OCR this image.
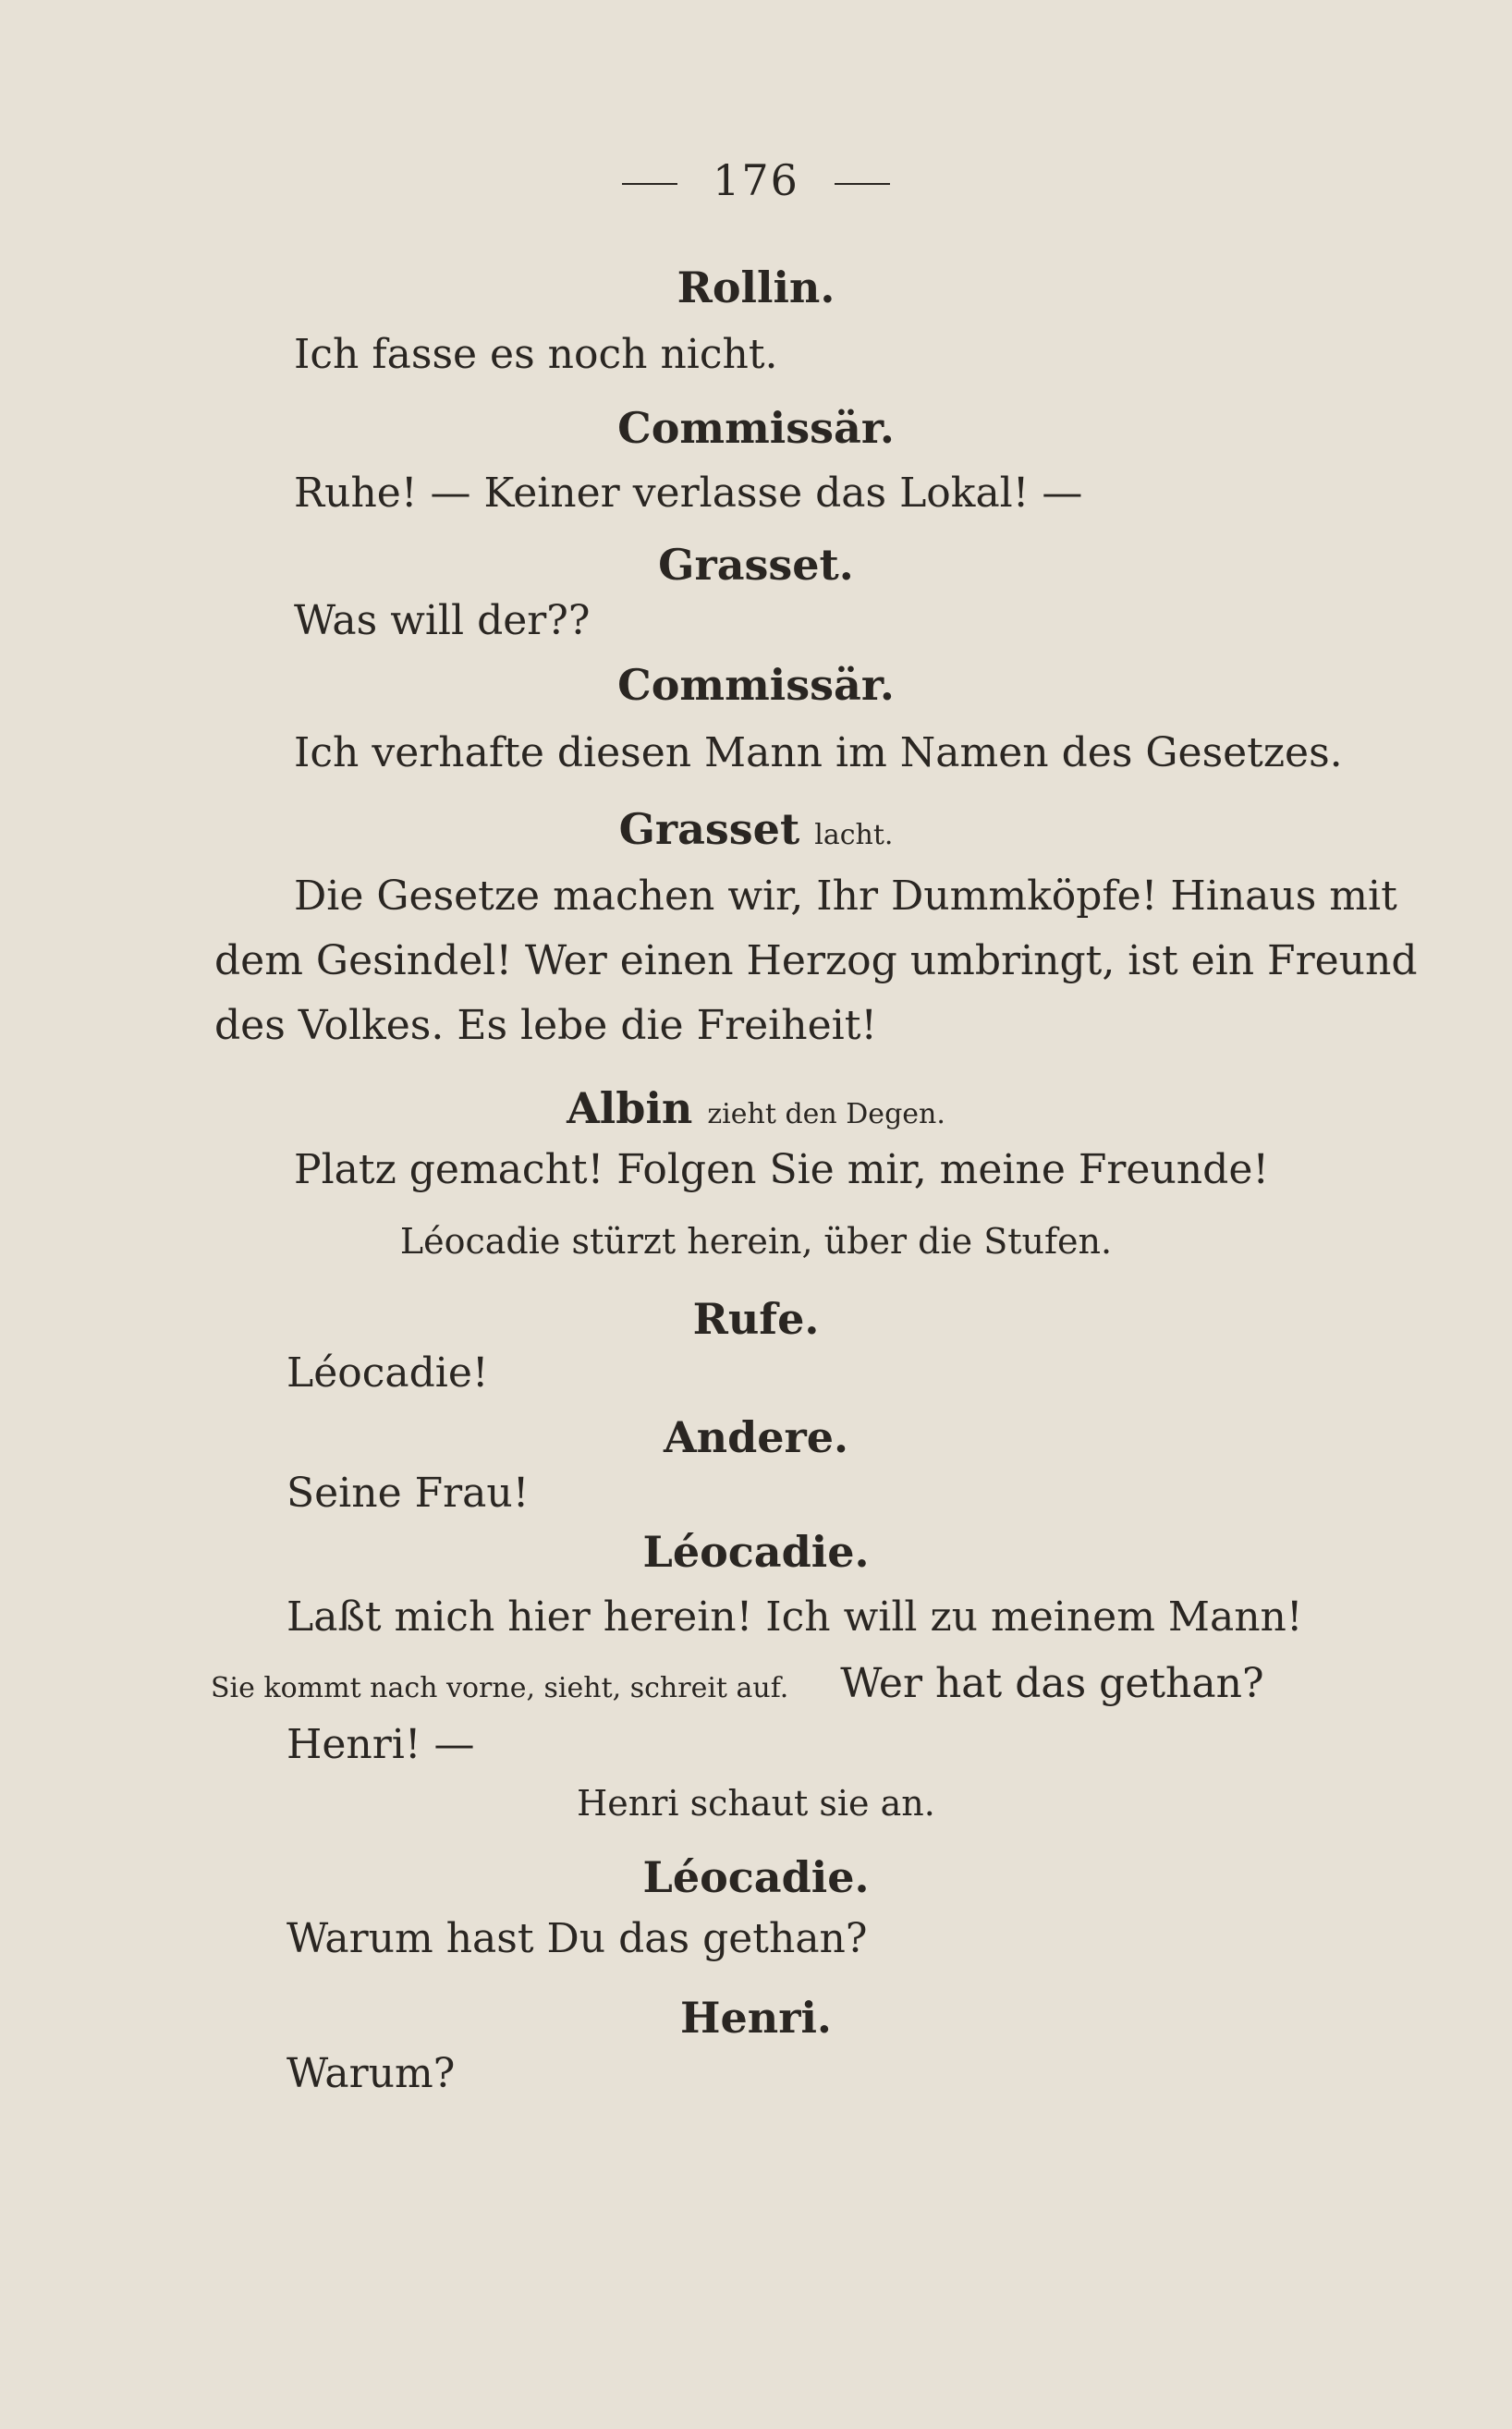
176
Rollin.
Ich fasse es noch nicht.
Commissär.
Ruhe! — Keiner verlasse das Lokal! —
Grasset.
Was will der??
Commissär.
Ich verhafte diesen Mann im Namen des Gesetzes.
Grasset lacht.
Die Gesetze machen wir, Ihr Dummköpfe! Hinaus mit
dem Gesindel! Wer einen Herzog umbringt, ist ein Freund
des Volkes. Es lebe die Freiheit!
Albin zieht den Degen.
Platz gemacht! Folgen Sie mir, meine Freunde!
Léocadie stürzt herein, über die Stufen.
Rufe.
Léocadie!
Andere.
Seine Frau!
Léocadie.
Laßt mich hier herein! Ich will zu meinem Mann!
Sie kommt nach vorne, sieht, schreit auf. Wer hat das gethan?
Henri! —
Henri schaut sie an.
Léocadie.
Warum hast Du das gethan?
Henri.
Warum?
